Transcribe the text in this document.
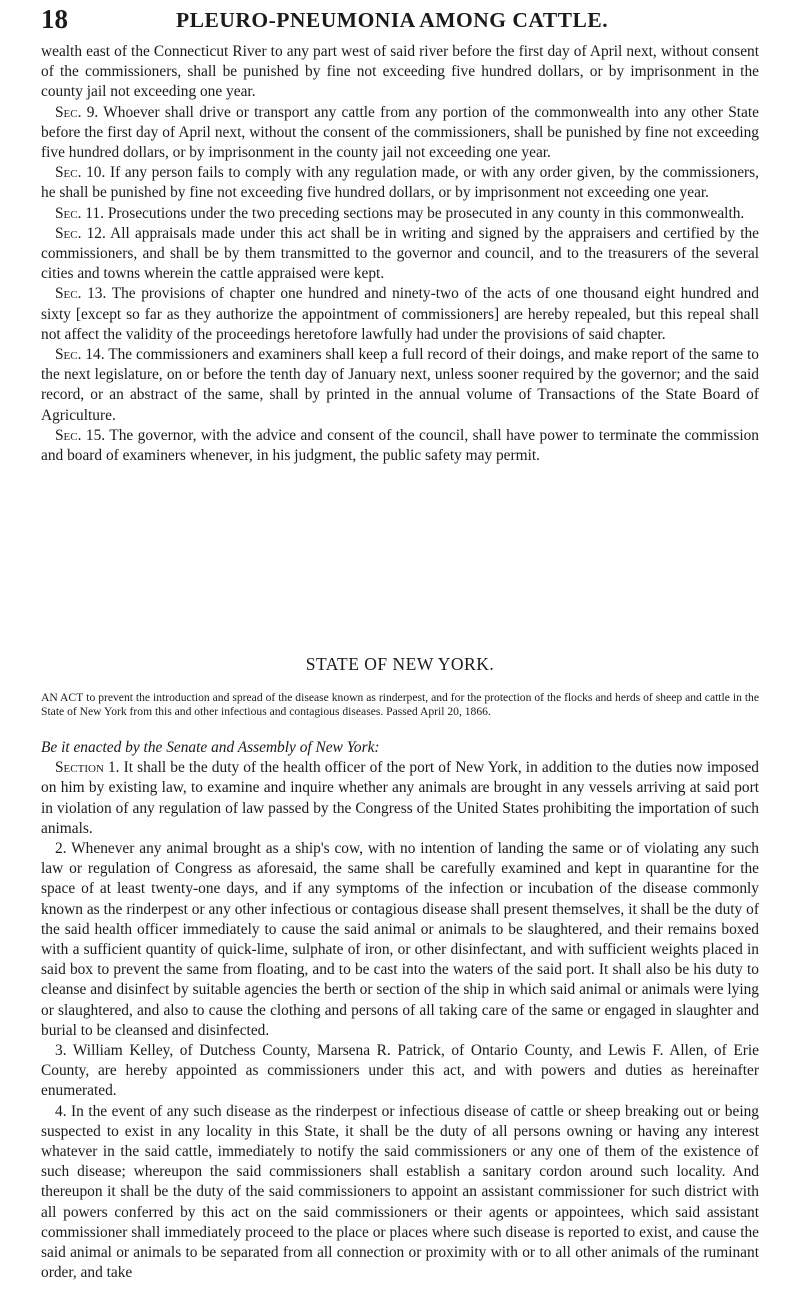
18	PLEURO-PNEUMONIA AMONG CATTLE.

wealth east of the Connecticut River to any part west of said river before the first day of April next, without consent of the commissioners, shall be punished by fine not exceeding five hundred dollars, or by imprisonment in the county jail not exceeding one year.

Sec. 9. Whoever shall drive or transport any cattle from any portion of the commonwealth into any other State before the first day of April next, without the consent of the commissioners, shall be punished by fine not exceeding five hundred dollars, or by imprisonment in the county jail not exceeding one year.

Sec. 10. If any person fails to comply with any regulation made, or with any order given, by the commissioners, he shall be punished by fine not exceeding five hundred dollars, or by imprisonment not exceeding one year.

Sec. 11. Prosecutions under the two preceding sections may be prosecuted in any county in this commonwealth.

Sec. 12. All appraisals made under this act shall be in writing and signed by the appraisers and certified by the commissioners, and shall be by them transmitted to the governor and council, and to the treasurers of the several cities and towns wherein the cattle appraised were kept.

Sec. 13. The provisions of chapter one hundred and ninety-two of the acts of one thousand eight hundred and sixty [except so far as they authorize the appointment of commissioners] are hereby repealed, but this repeal shall not affect the validity of the proceedings heretofore lawfully had under the provisions of said chapter.

Sec. 14. The commissioners and examiners shall keep a full record of their doings, and make report of the same to the next legislature, on or before the tenth day of January next, unless sooner required by the governor; and the said record, or an abstract of the same, shall by printed in the annual volume of Transactions of the State Board of Agriculture.

Sec. 15. The governor, with the advice and consent of the council, shall have power to terminate the commission and board of examiners whenever, in his judgment, the public safety may permit.

STATE OF NEW YORK.

AN ACT to prevent the introduction and spread of the disease known as rinderpest, and for the protection of the flocks and herds of sheep and cattle in the State of New York from this and other infectious and contagious diseases. Passed April 20, 1866.

Be it enacted by the Senate and Assembly of New York:

Section 1. It shall be the duty of the health officer of the port of New York, in addition to the duties now imposed on him by existing law, to examine and inquire whether any animals are brought in any vessels arriving at said port in violation of any regulation of law passed by the Congress of the United States prohibiting the importation of such animals.

2. Whenever any animal brought as a ship's cow, with no intention of landing the same or of violating any such law or regulation of Congress as aforesaid, the same shall be carefully examined and kept in quarantine for the space of at least twenty-one days, and if any symptoms of the infection or incubation of the disease commonly known as the rinderpest or any other infectious or contagious disease shall present themselves, it shall be the duty of the said health officer immediately to cause the said animal or animals to be slaughtered, and their remains boxed with a sufficient quantity of quick-lime, sulphate of iron, or other disinfectant, and with sufficient weights placed in said box to prevent the same from floating, and to be cast into the waters of the said port. It shall also be his duty to cleanse and disinfect by suitable agencies the berth or section of the ship in which said animal or animals were lying or slaughtered, and also to cause the clothing and persons of all taking care of the same or engaged in slaughter and burial to be cleansed and disinfected.

3. William Kelley, of Dutchess County, Marsena R. Patrick, of Ontario County, and Lewis F. Allen, of Erie County, are hereby appointed as commissioners under this act, and with powers and duties as hereinafter enumerated.

4. In the event of any such disease as the rinderpest or infectious disease of cattle or sheep breaking out or being suspected to exist in any locality in this State, it shall be the duty of all persons owning or having any interest whatever in the said cattle, immediately to notify the said commissioners or any one of them of the existence of such disease; whereupon the said commissioners shall establish a sanitary cordon around such locality. And thereupon it shall be the duty of the said commissioners to appoint an assistant commissioner for such district with all powers conferred by this act on the said commissioners or their agents or appointees, which said assistant commissioner shall immediately proceed to the place or places where such disease is reported to exist, and cause the said animal or animals to be separated from all connection or proximity with or to all other animals of the ruminant order, and take
